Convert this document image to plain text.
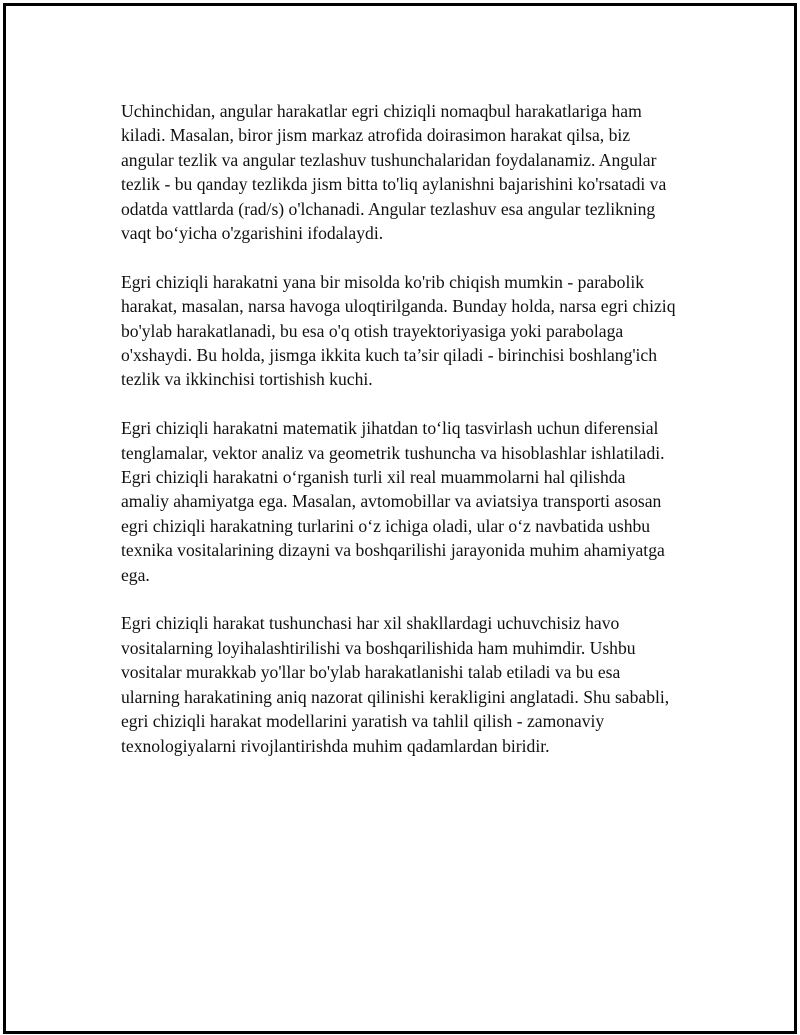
Uchinchidan, angular harakatlar egri chiziqli nomaqbul harakatlariga ham kiladi. Masalan, biror jism markaz atrofida doirasimon harakat qilsa, biz angular tezlik va angular tezlashuv tushunchalaridan foydalanamiz. Angular tezlik - bu qanday tezlikda jism bitta to'liq aylanishni bajarishini ko'rsatadi va odatda vattlarda (rad/s) o'lchanadi. Angular tezlashuv esa angular tezlikning vaqt boʻyicha o'zgarishini ifodalaydi.

Egri chiziqli harakatni yana bir misolda ko'rib chiqish mumkin - parabolik harakat, masalan, narsa havoga uloqtirilganda. Bunday holda, narsa egri chiziq bo'ylab harakatlanadi, bu esa o'q otish trayektoriyasiga yoki parabolaga o'xshaydi. Bu holda, jismga ikkita kuch ta’sir qiladi - birinchisi boshlang'ich tezlik va ikkinchisi tortishish kuchi.

Egri chiziqli harakatni matematik jihatdan toʻliq tasvirlash uchun diferensial tenglamalar, vektor analiz va geometrik tushuncha va hisoblashlar ishlatiladi. Egri chiziqli harakatni oʻrganish turli xil real muammolarni hal qilishda amaliy ahamiyatga ega. Masalan, avtomobillar va aviatsiya transporti asosan egri chiziqli harakatning turlarini oʻz ichiga oladi, ular oʻz navbatida ushbu texnika vositalarining dizayni va boshqarilishi jarayonida muhim ahamiyatga ega.

Egri chiziqli harakat tushunchasi har xil shakllardagi uchuvchisiz havo vositalarning loyihalashtirilishi va boshqarilishida ham muhimdir. Ushbu vositalar murakkab yo'llar bo'ylab harakatlanishi talab etiladi va bu esa ularning harakatining aniq nazorat qilinishi kerakligini anglatadi. Shu sababli, egri chiziqli harakat modellarini yaratish va tahlil qilish - zamonaviy texnologiyalarni rivojlantirishda muhim qadamlardan biridir.
